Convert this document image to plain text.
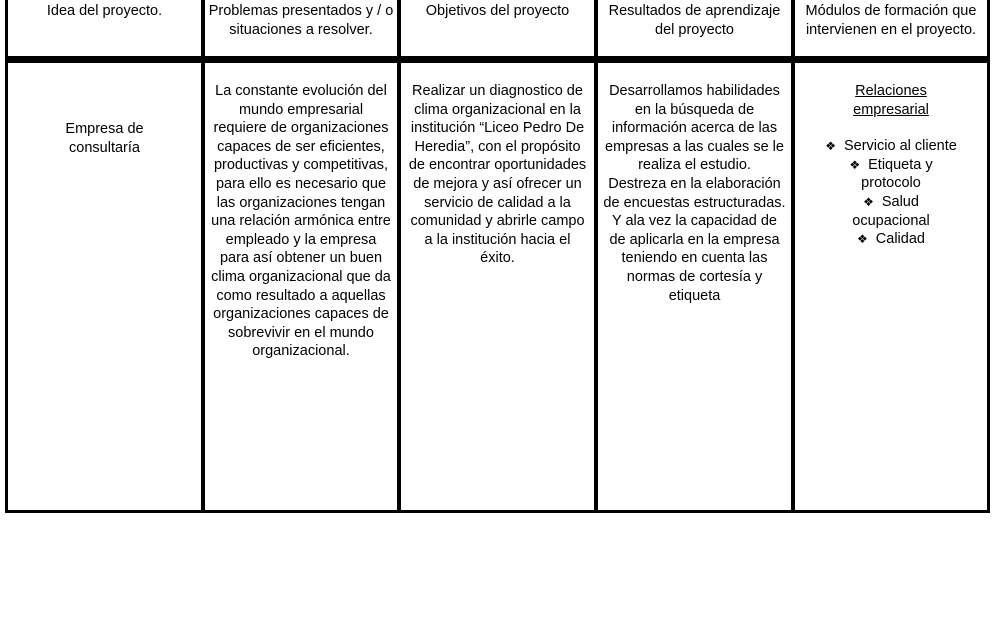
Idea del proyecto.	Problemas presentados y / o situaciones a resolver.
Objetivos del proyecto	Resultados de aprendizaje del proyecto
Módulos de formación que intervienen en el proyecto.
Empresa de consultaría
La constante evolución del mundo empresarial requiere de organizaciones capaces de ser eficientes, productivas y competitivas, para ello es necesario que las organizaciones tengan una relación armónica entre empleado y la empresa para así obtener un buen clima organizacional que da como resultado a aquellas organizaciones capaces de sobrevivir en el mundo organizacional.
Realizar un diagnostico de clima organizacional en la institución “Liceo Pedro De Heredia”, con el propósito de encontrar oportunidades de mejora y así ofrecer un servicio de calidad a la comunidad y abrirle campo a la institución hacia el éxito.
Desarrollamos habilidades en la búsqueda de información acerca de las empresas a las cuales se le realiza el estudio.
Destreza en la elaboración de encuestas estructuradas.
Y ala vez la capacidad de de aplicarla en la empresa teniendo en cuenta las normas de cortesía y etiqueta
Relaciones empresarial
❖ Servicio al cliente
❖ Etiqueta y protocolo
❖ Salud ocupacional
❖ Calidad
